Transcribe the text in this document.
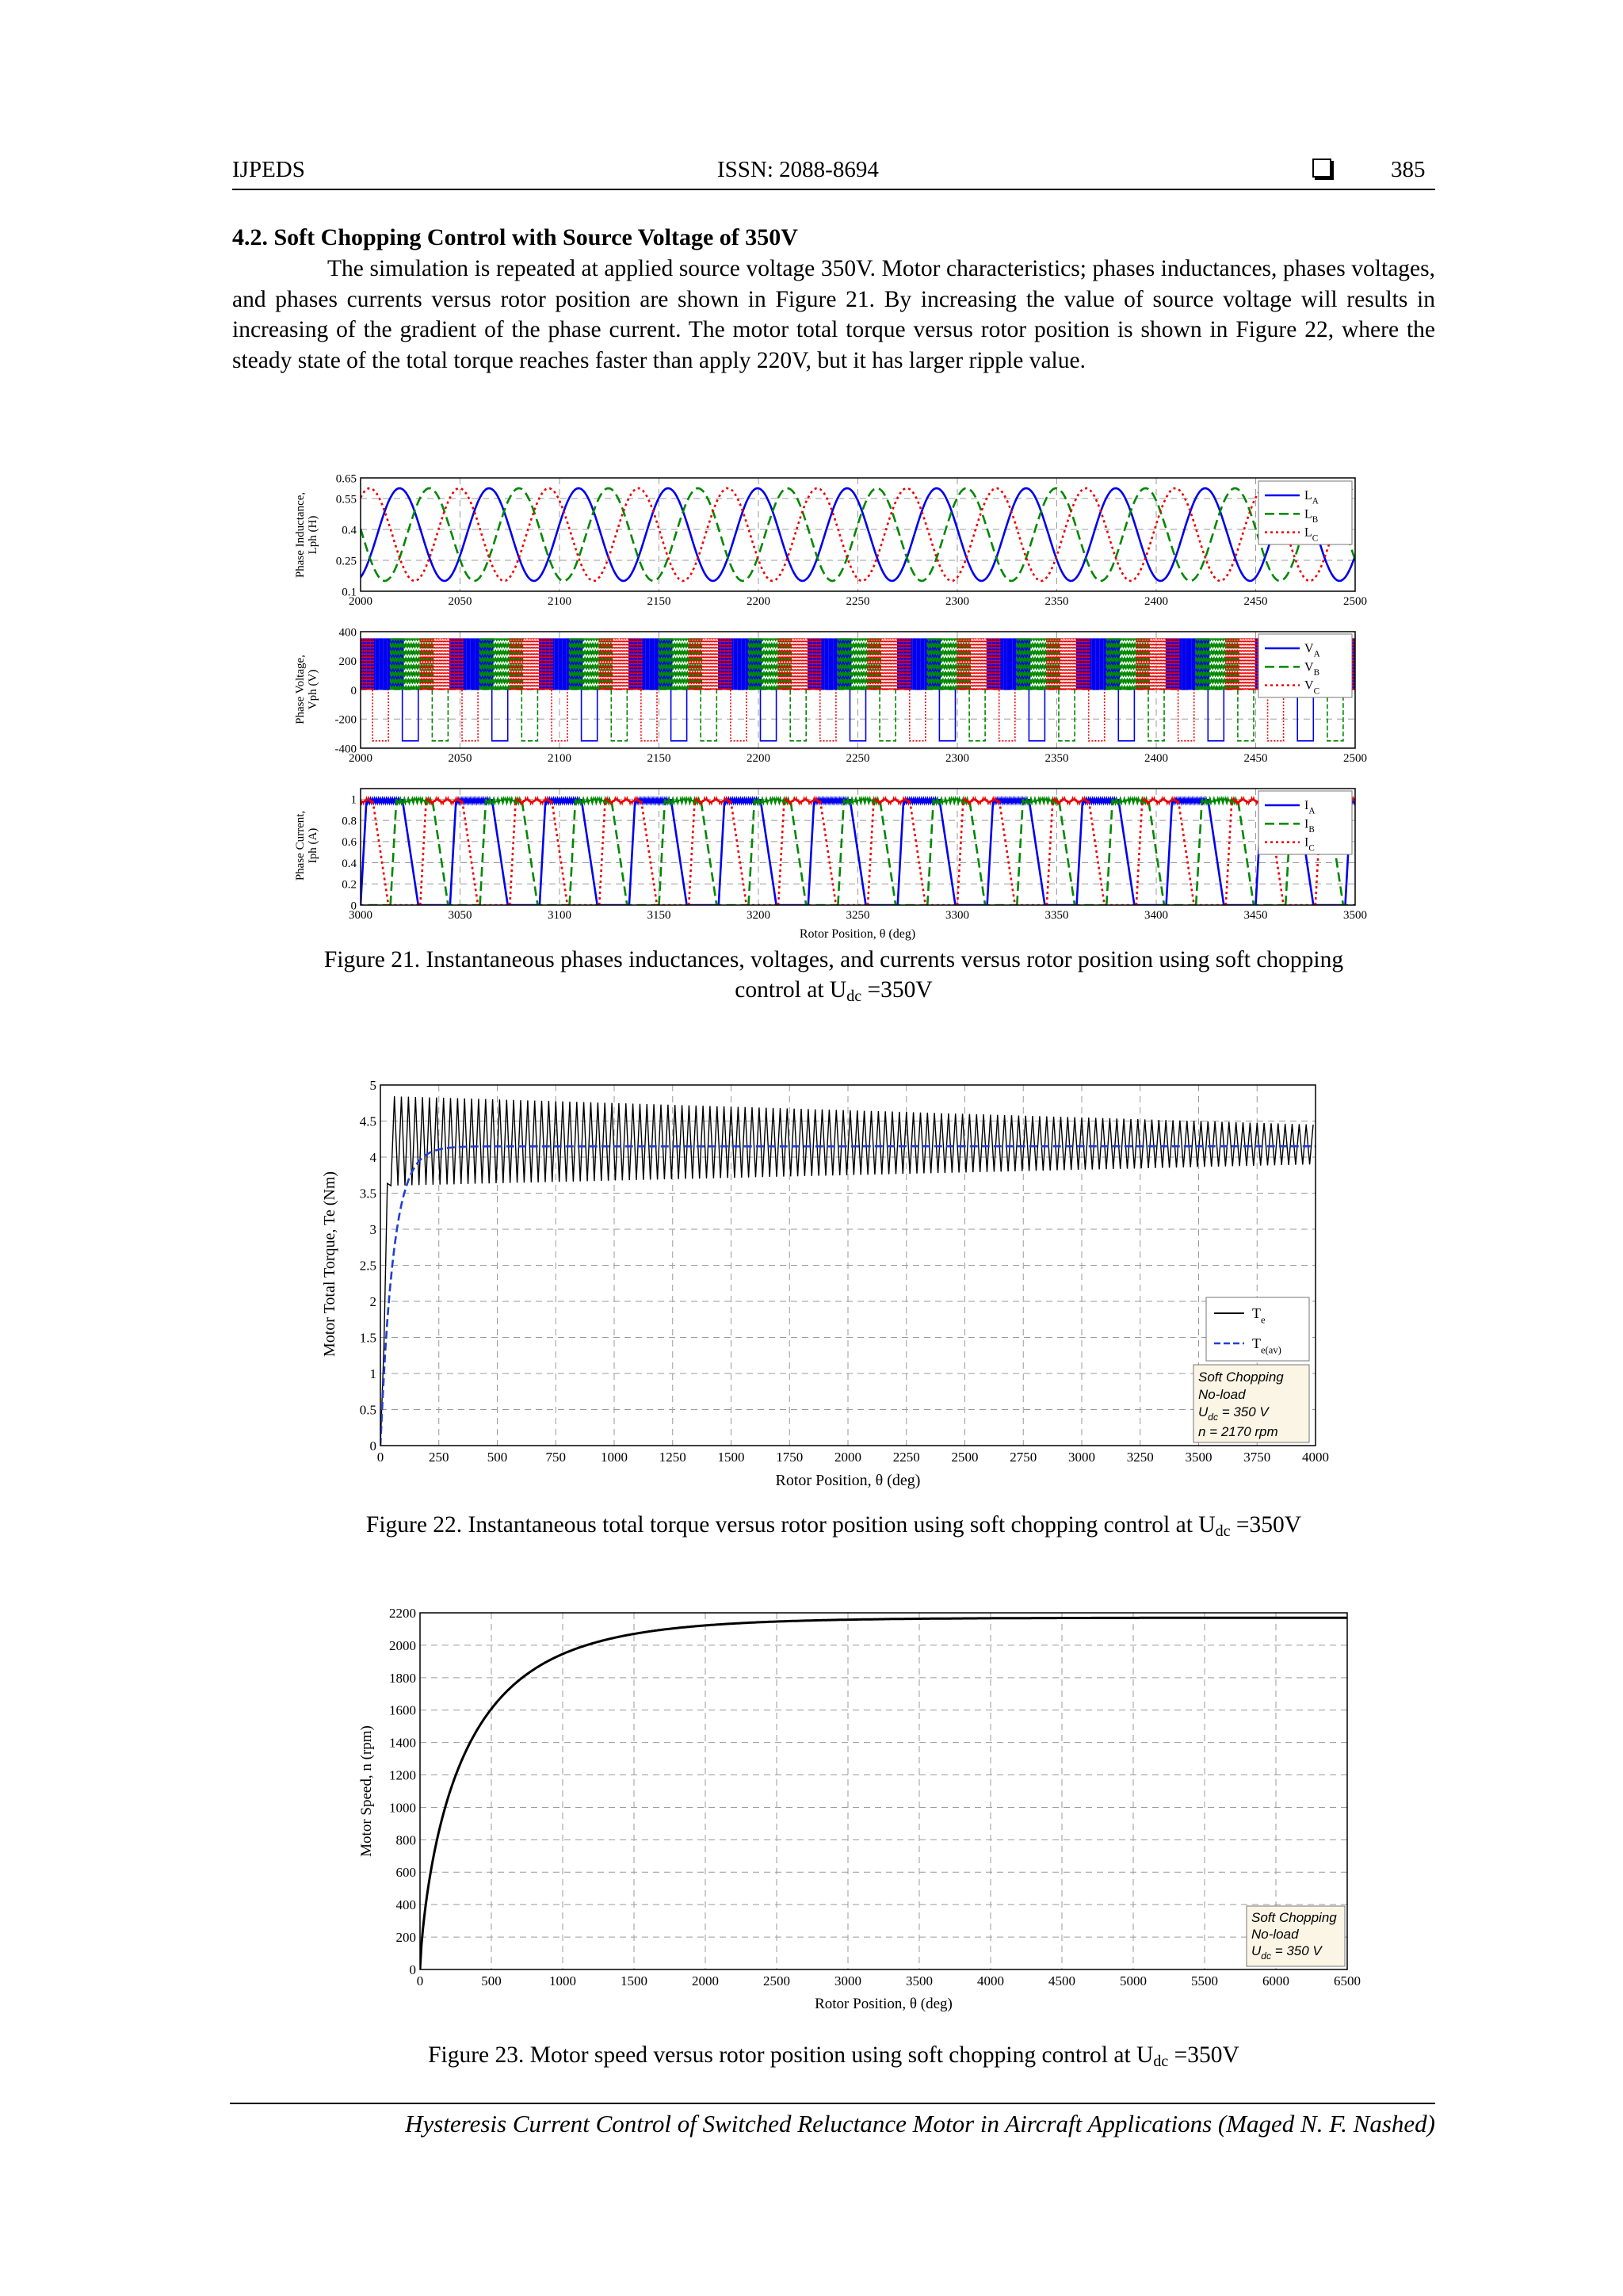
IJPEDS	ISSN: 2088-8694	385
4.2. Soft Chopping Control with Source Voltage of 350V
The simulation is repeated at applied source voltage 350V. Motor characteristics; phases inductances, phases voltages, and phases currents versus rotor position are shown in Figure 21. By increasing the value of source voltage will results in increasing of the gradient of the phase current. The motor total torque versus rotor position is shown in Figure 22, where the steady state of the total torque reaches faster than apply 220V, but it has larger ripple value.
2000	2050	2100	2150	2200	2250	2300	2350	2400	2450	2500
0.1
0.25
0.4
0.55
0.65
$L_A$
$L_B$
$L_C$
Phase Inductance,Lph (H)
2000	2050	2100	2150	2200	2250	2300	2350	2400	2450	2500
-400
-200
0
200
400
$V_A$
$V_B$
$V_C$
Phase Voltage,Vph (V)
3000	3050	3100	3150	3200	3250	3300	3350	3400	3450	3500
0
0.2
0.4
0.6
0.8
1	$I_A$
$I_B$
$I_C$
Phase Current,Iph (A)
Rotor Position, θ (deg)
Figure 21. Instantaneous phases inductances, voltages, and currents versus rotor position using soft chopping
control at $U_{dc} =350V$
0	250	500	750	1000 1250 1500 1750 2000 2250 2500 2750 3000 3250 3500 3750 4000
0
0.5
1
1.5
2
2.5
3
3.5
4
4.5
5
$T_e$
$T_{e(av)}$
Soft Chopping
No-load
$U_{dc} = 350$ V
n = 2170 rpm
Motor Total Torque, Te (Nm)
Rotor Position, θ (deg)
Figure 22. Instantaneous total torque versus rotor position using soft chopping control at $U_{dc} =350V$
0	500	1000	1500	2000	2500	3000	3500	4000	4500	5000	5500	6000	6500
0
200
400
600
800
1000
1200
1400
1600
1800
2000
2200
Soft Chopping
No-load
$U_{dc} = 350$ V
Motor Speed, n (rpm)
Rotor Position, θ (deg)
Figure 23. Motor speed versus rotor position using soft chopping control at $U_{dc} =350V$
Hysteresis Current Control of Switched Reluctance Motor in Aircraft Applications (Maged N. F. Nashed)
